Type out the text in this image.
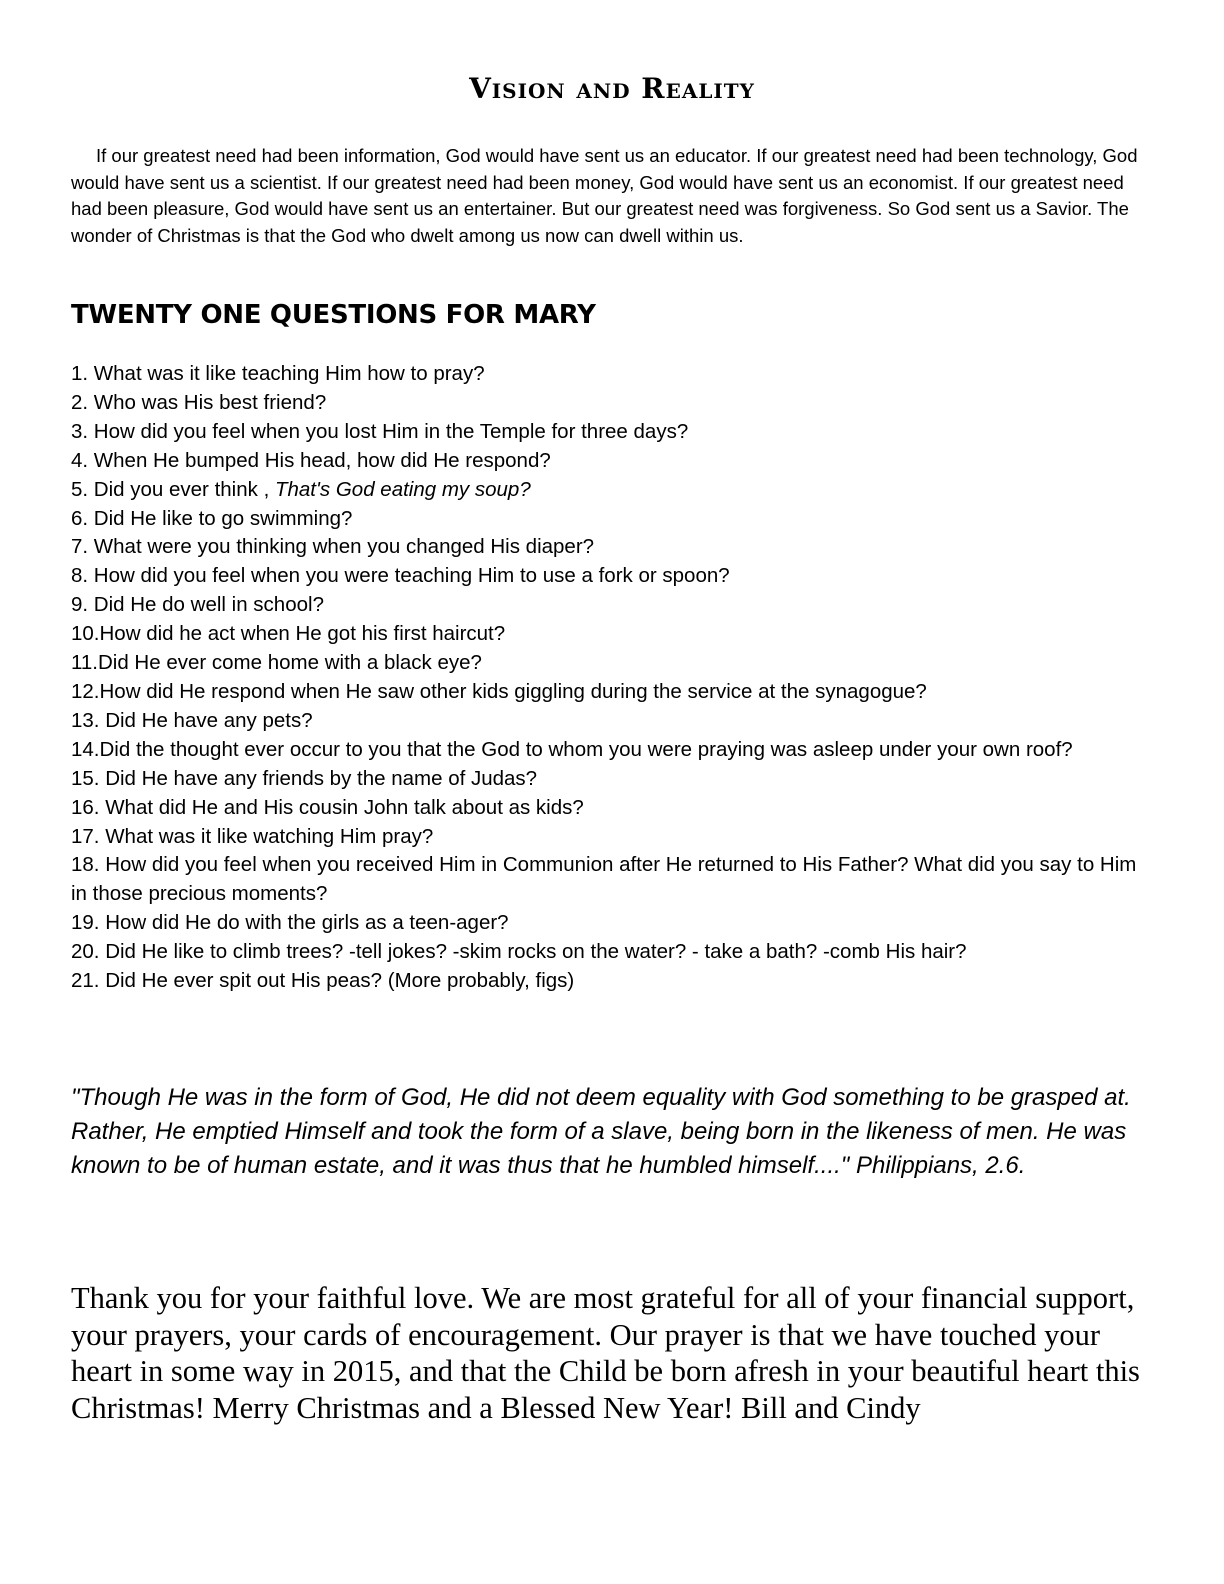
Vision and Reality

If our greatest need had been information, God would have sent us an educator. If our greatest need had been technology, God would have sent us a scientist. If our greatest need had been money, God would have sent us an economist. If our greatest need had been pleasure, God would have sent us an entertainer. But our greatest need was forgiveness. So God sent us a Savior. The wonder of Christmas is that the God who dwelt among us now can dwell within us.

TWENTY ONE QUESTIONS FOR MARY
1. What was it like teaching Him how to pray?
2. Who was His best friend?
3. How did you feel when you lost Him in the Temple for three days?
4. When He bumped His head, how did He respond?
5. Did you ever think , That's God eating my soup?
6. Did He like to go swimming?
7. What were you thinking when you changed His diaper?
8. How did you feel when you were teaching Him to use a fork or spoon?
9. Did He do well in school?
10.How did he act when He got his first haircut?
11.Did He ever come home with a black eye?
12.How did He respond when He saw other kids giggling during the service at the synagogue?
13. Did He have any pets?
14.Did the thought ever occur to you that the God to whom you were praying was asleep under your own roof?
15. Did He have any friends by the name of Judas?
16. What did He and His cousin John talk about as kids?
17. What was it like watching Him pray?
18. How did you feel when you received Him in Communion after He returned to His Father? What did you say to Him in those precious moments?
19. How did He do with the girls as a teen-ager?
20. Did He like to climb trees? -tell jokes? -skim rocks on the water? - take a bath? -comb His hair?
21. Did He ever spit out His peas? (More probably, figs)

"Though He was in the form of God, He did not deem equality with God something to be grasped at. Rather, He emptied Himself and took the form of a slave, being born in the likeness of men. He was known to be of human estate, and it was thus that he humbled himself...." Philippians, 2.6.

Thank you for your faithful love. We are most grateful for all of your financial support, your prayers, your cards of encouragement. Our prayer is that we have touched your heart in some way in 2015, and that the Child be born afresh in your beautiful heart this Christmas! Merry Christmas and a Blessed New Year! Bill and Cindy
